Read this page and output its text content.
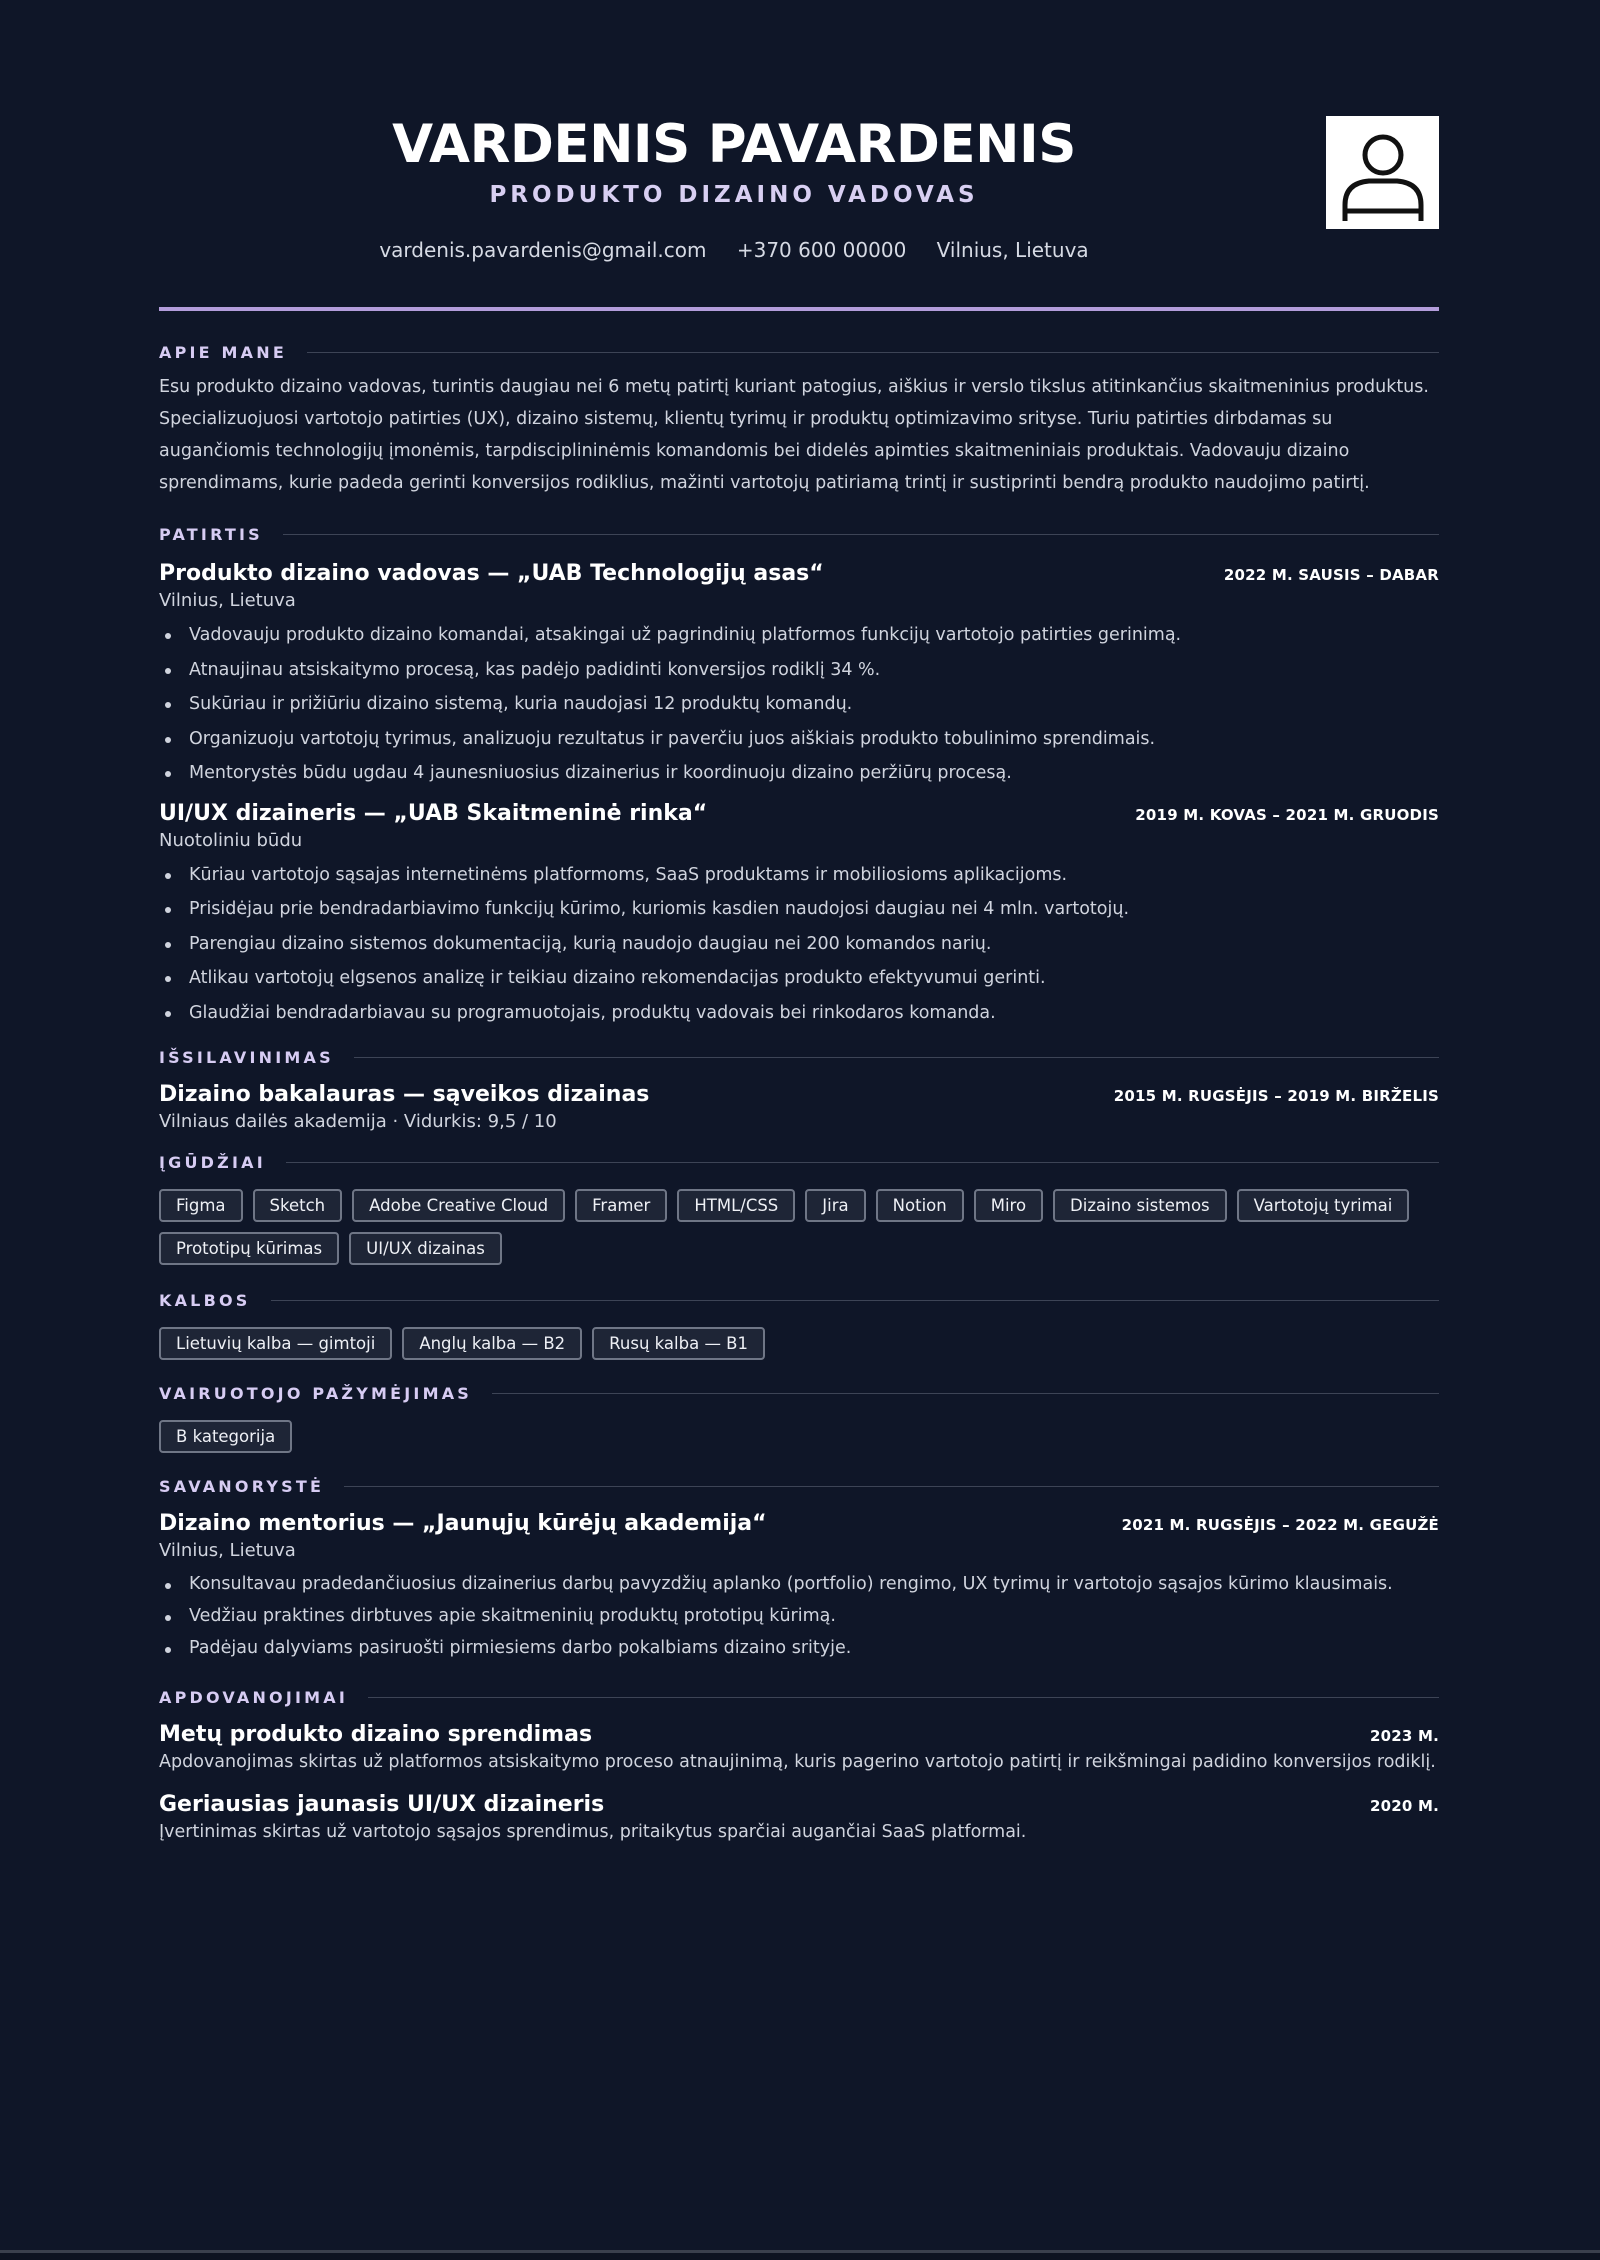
VARDENIS PAVARDENIS
PRODUKTO DIZAINO VADOVAS
vardenis.pavardenis@gmail.com +370 600 00000 Vilnius, Lietuva
APIE MANE
Esu produkto dizaino vadovas, turintis daugiau nei 6 metų patirtį kuriant patogius, aiškius ir verslo tikslus atitinkančius skaitmeninius produktus. Specializuojuosi vartotojo patirties (UX), dizaino sistemų, klientų tyrimų ir produktų optimizavimo srityse. Turiu patirties dirbdamas su augančiomis technologijų įmonėmis, tarpdisciplininėmis komandomis bei didelės apimties skaitmeniniais produktais. Vadovauju dizaino sprendimams, kurie padeda gerinti konversijos rodiklius, mažinti vartotojų patiriamą trintį ir sustiprinti bendrą produkto naudojimo patirtį.
PATIRTIS
Produkto dizaino vadovas — „UAB Technologijų asas“	2022 M. SAUSIS – DABAR
Vilnius, Lietuva
Vadovauju produkto dizaino komandai, atsakingai už pagrindinių platformos funkcijų vartotojo patirties gerinimą.
Atnaujinau atsiskaitymo procesą, kas padėjo padidinti konversijos rodiklį 34 %.
Sukūriau ir prižiūriu dizaino sistemą, kuria naudojasi 12 produktų komandų.
Organizuoju vartotojų tyrimus, analizuoju rezultatus ir paverčiu juos aiškiais produkto tobulinimo sprendimais.
Mentorystės būdu ugdau 4 jaunesniuosius dizainerius ir koordinuoju dizaino peržiūrų procesą.
UI/UX dizaineris — „UAB Skaitmeninė rinka“	2019 M. KOVAS – 2021 M. GRUODIS
Nuotoliniu būdu
Kūriau vartotojo sąsajas internetinėms platformoms, SaaS produktams ir mobiliosioms aplikacijoms.
Prisidėjau prie bendradarbiavimo funkcijų kūrimo, kuriomis kasdien naudojosi daugiau nei 4 mln. vartotojų.
Parengiau dizaino sistemos dokumentaciją, kurią naudojo daugiau nei 200 komandos narių.
Atlikau vartotojų elgsenos analizę ir teikiau dizaino rekomendacijas produkto efektyvumui gerinti.
Glaudžiai bendradarbiavau su programuotojais, produktų vadovais bei rinkodaros komanda.
IŠSILAVINIMAS
Dizaino bakalauras — sąveikos dizainas	2015 M. RUGSĖJIS – 2019 M. BIRŽELIS
Vilniaus dailės akademija · Vidurkis: 9,5 / 10
ĮGŪDŽIAI
Figma	Sketch	Adobe Creative Cloud	Framer	HTML/CSS	Jira	Notion	Miro	Dizaino sistemos	Vartotojų tyrimai
Prototipų kūrimas	UI/UX dizainas
KALBOS
Lietuvių kalba — gimtoji	Anglų kalba — B2	Rusų kalba — B1
VAIRUOTOJO PAŽYMĖJIMAS
B kategorija
SAVANORYSTĖ
Dizaino mentorius — „Jaunųjų kūrėjų akademija“	2021 M. RUGSĖJIS – 2022 M. GEGUŽĖ
Vilnius, Lietuva
Konsultavau pradedančiuosius dizainerius darbų pavyzdžių aplanko (portfolio) rengimo, UX tyrimų ir vartotojo sąsajos kūrimo klausimais.
Vedžiau praktines dirbtuves apie skaitmeninių produktų prototipų kūrimą.
Padėjau dalyviams pasiruošti pirmiesiems darbo pokalbiams dizaino srityje.
APDOVANOJIMAI
Metų produkto dizaino sprendimas	2023 M.
Apdovanojimas skirtas už platformos atsiskaitymo proceso atnaujinimą, kuris pagerino vartotojo patirtį ir reikšmingai padidino konversijos rodiklį.
Geriausias jaunasis UI/UX dizaineris	2020 M.
Įvertinimas skirtas už vartotojo sąsajos sprendimus, pritaikytus sparčiai augančiai SaaS platformai.
